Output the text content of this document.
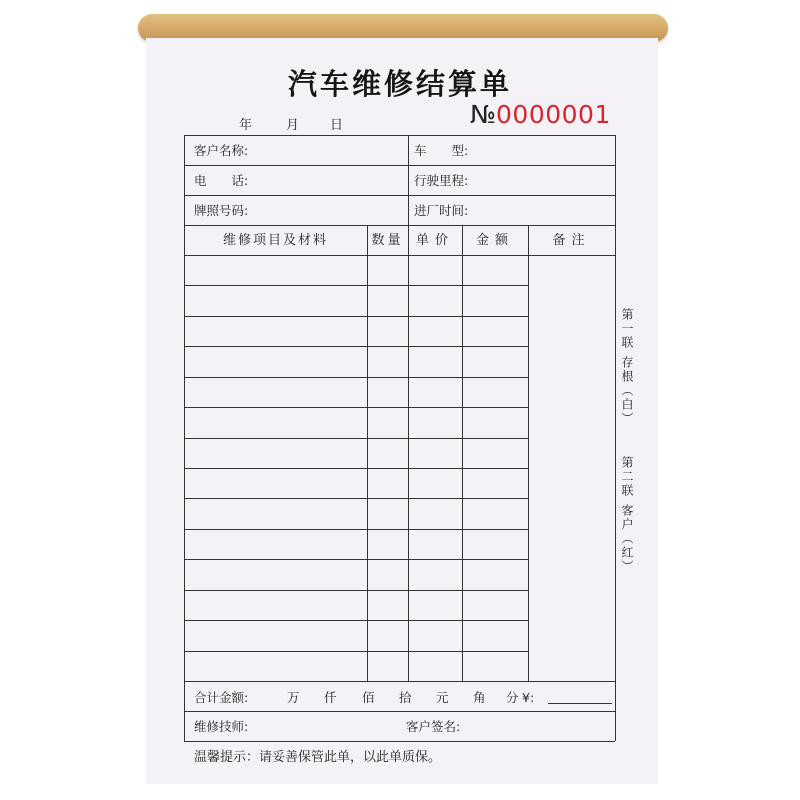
汽车维修结算单
年	月 日	№0000001
客户名称:	车　　型:
电　　话:	行驶里程:
牌照号码:	进厂时间:
维修项目及材料	数量 单价	金额	备注
第一联 存根（白）
第二联 客户（红）
合计金额:	万 仟 佰 拾 元 角 分 ¥:
维修技师:	客户签名:
温馨提示：请妥善保管此单，以此单质保。
